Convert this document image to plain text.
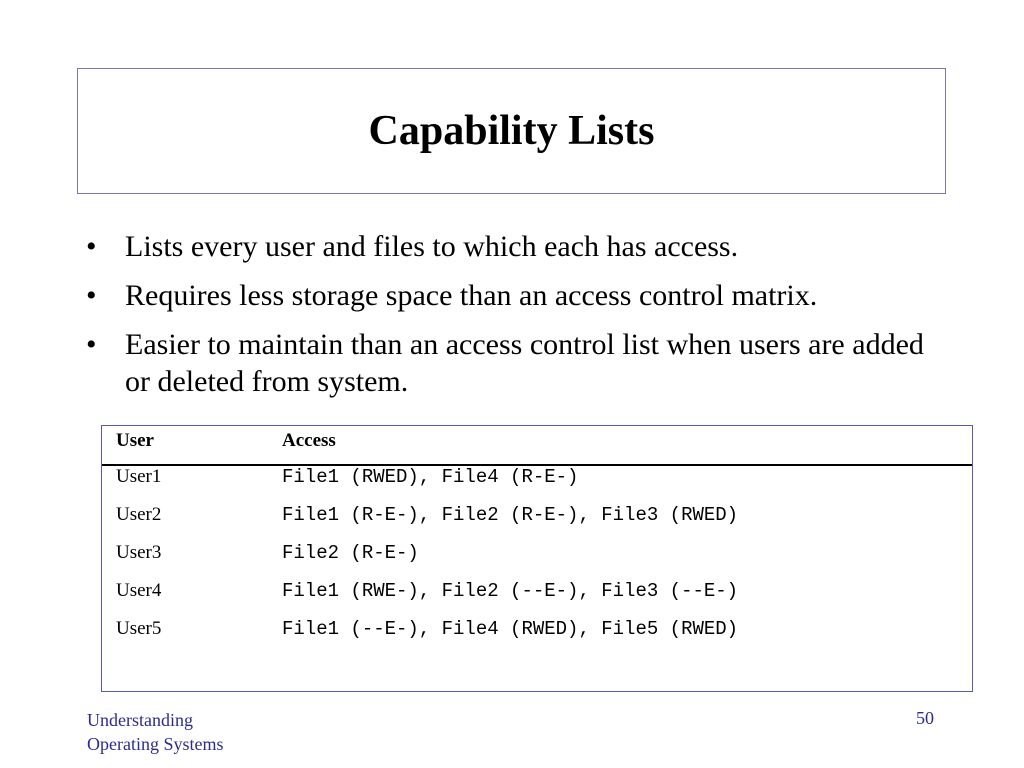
Capability Lists
• Lists every user and files to which each has access.
• Requires less storage space than an access control matrix.
• Easier to maintain than an access control list when users are added or deleted from system.
User	Access
User1	File1 (RWED), File4 (R-E-)
User2	File1 (R-E-), File2 (R-E-), File3 (RWED)
User3	File2 (R-E-)
User4	File1 (RWE-), File2 (--E-), File3 (--E-)
User5	File1 (--E-), File4 (RWED), File5 (RWED)
Understanding
Operating Systems
50
